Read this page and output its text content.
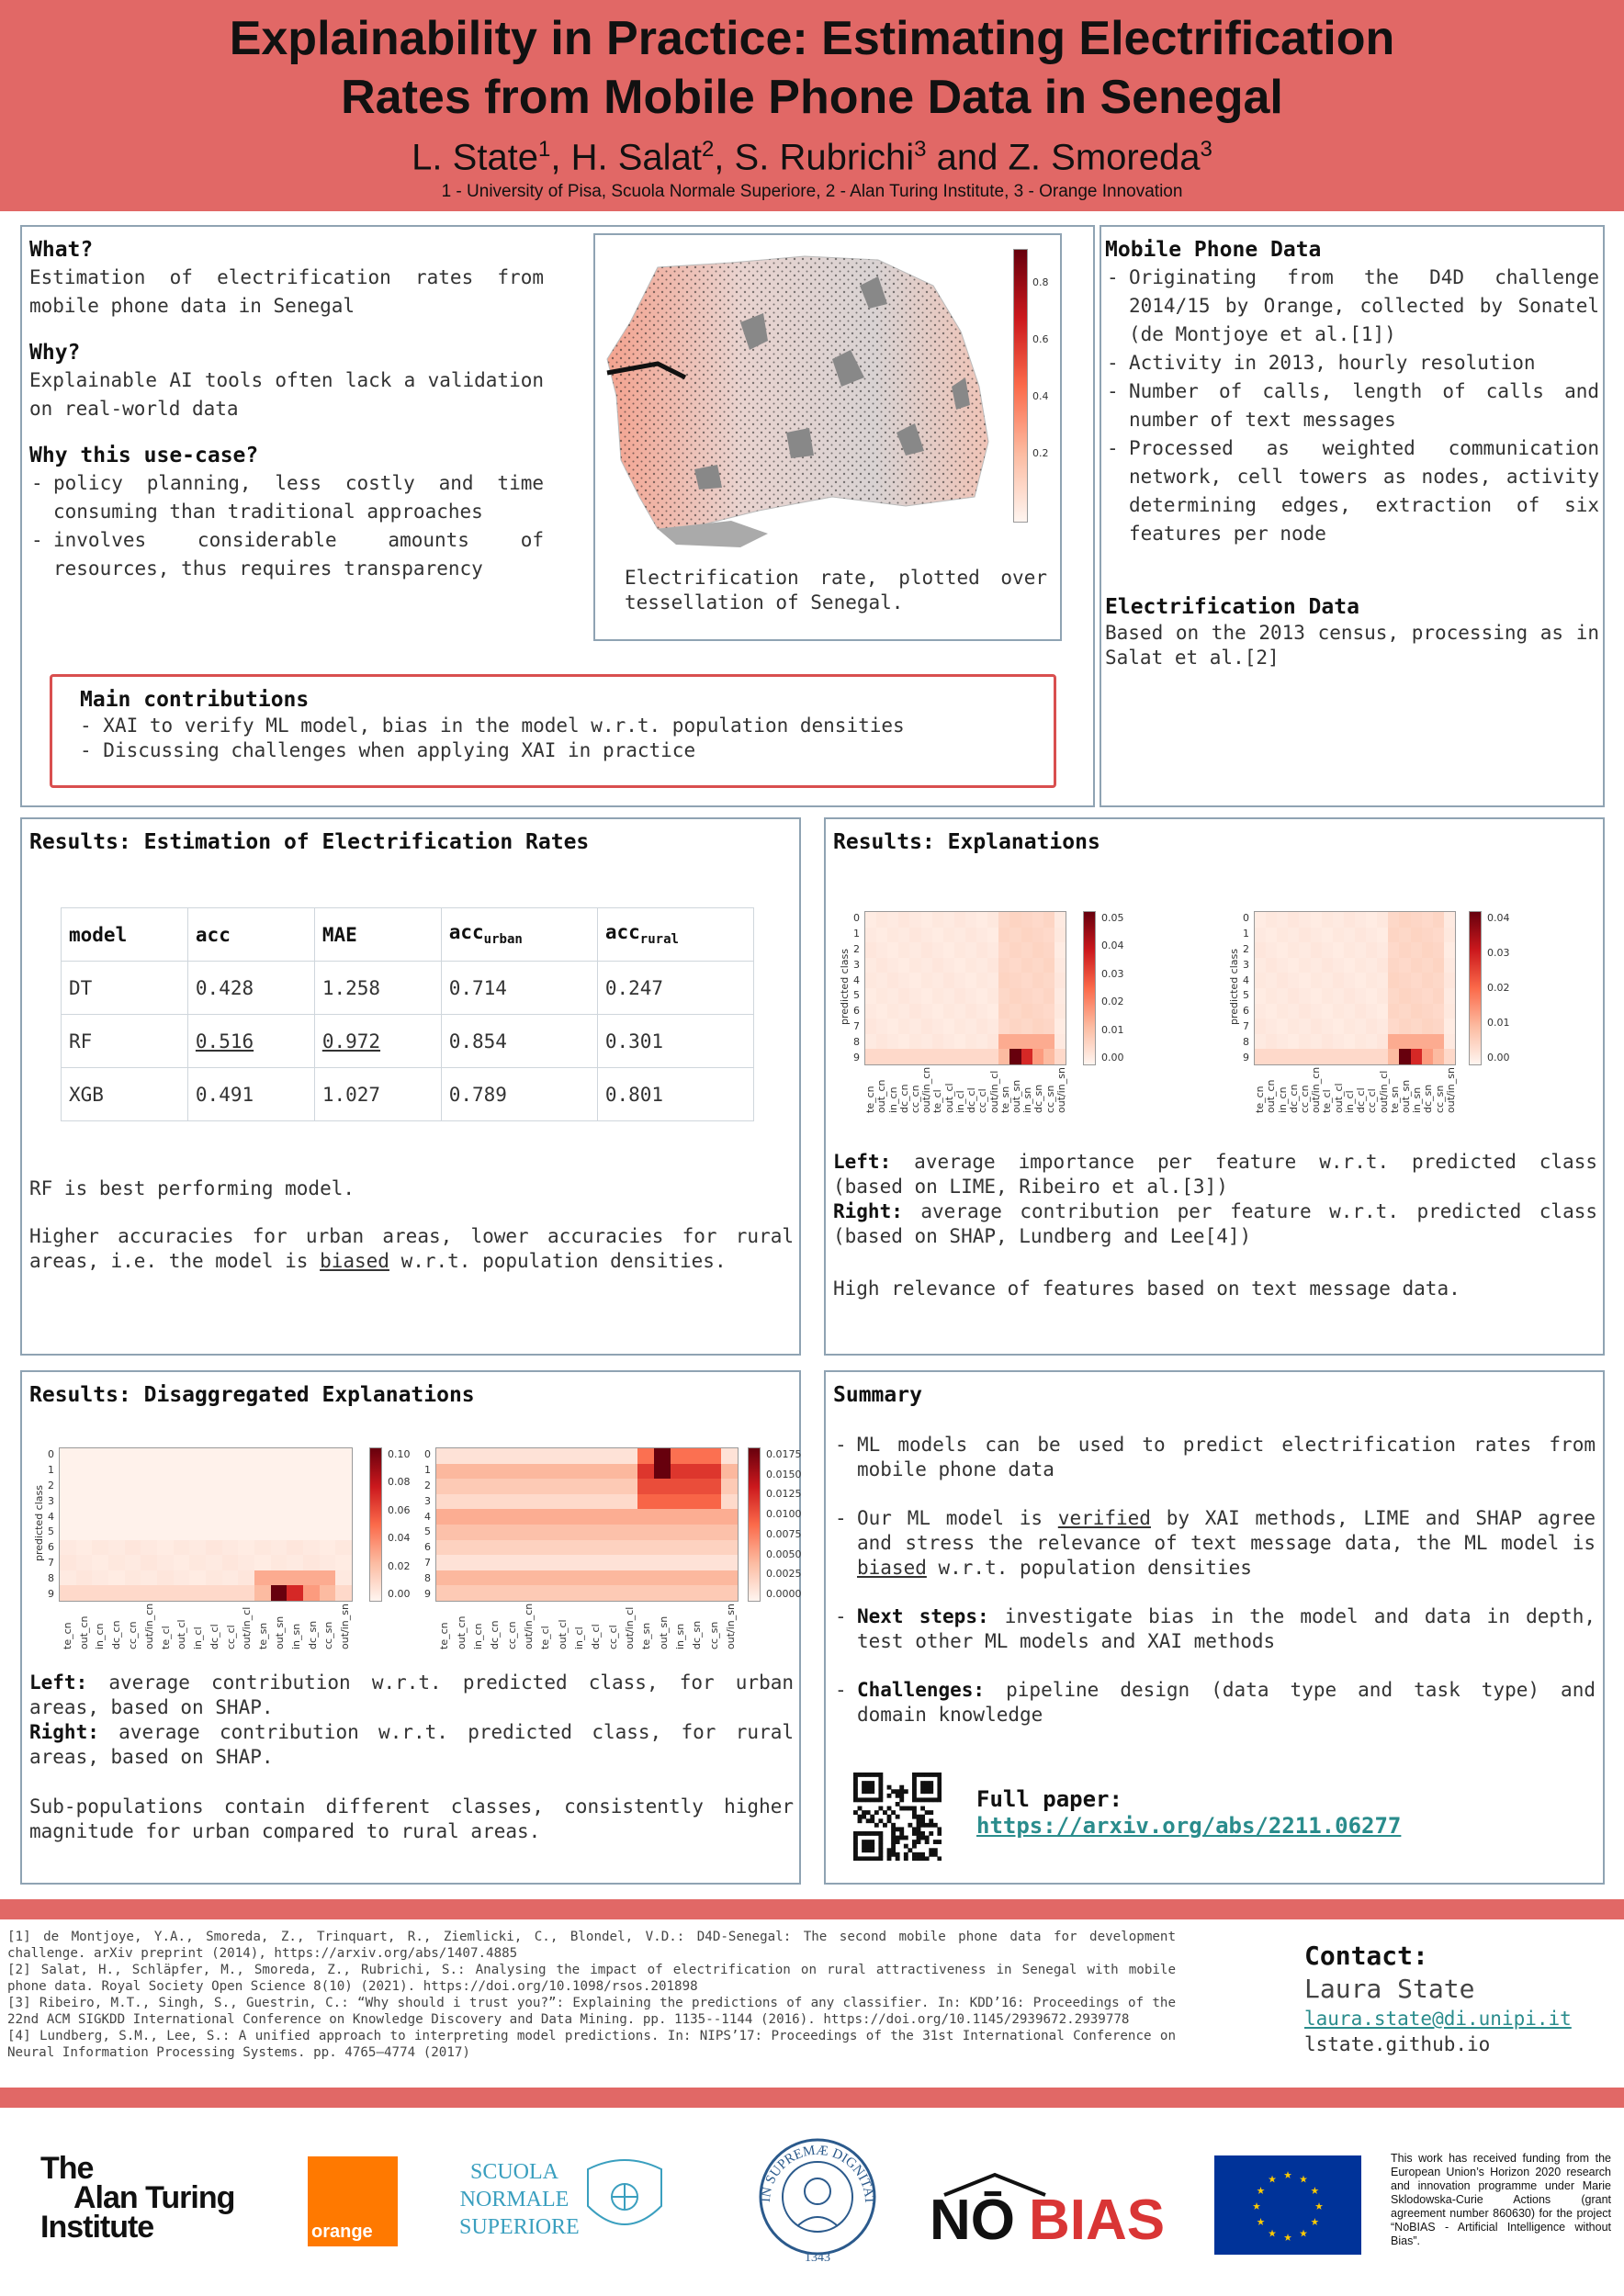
Explainability in Practice: Estimating Electrification
Rates from Mobile Phone Data in Senegal
L. State$^1$, H. Salat$^2$, S. Rubrichi$^3$ and Z. Smoreda$^3$
1 - University of Pisa, Scuola Normale Superiore, 2 - Alan Turing Institute, 3 - Orange Innovation
What?
Estimation of electrification rates from mobile phone data in Senegal
Why?
Explainable AI tools often lack a validation on real-world data
Why this use-case?
- policy planning, less costly and time consuming than traditional approaches
- involves considerable amounts of resources, thus requires transparency
0.8
0.6
0.4
0.2
Electrification rate, plotted over tessellation of Senegal.
Main contributions
- XAI to verify ML model, bias in the model w.r.t. population densities
- Discussing challenges when applying XAI in practice
Mobile Phone Data
- Originating from the D4D challenge 2014/15 by Orange, collected by Sonatel (de Montjoye et al.[1])
- Activity in 2013, hourly resolution
- Number of calls, length of calls and number of text messages
- Processed as weighted communication network, cell towers as nodes, activity determining edges, extraction of six features per node
Electrification Data
Based on the 2013 census, processing as in Salat et al.[2]
Results: Estimation of Electrification Rates
model	acc	MAE	acc$_{urban}$	acc$_{rural}$
DT	0.428	1.258	0.714	0.247
RF	0.516	0.972	0.854	0.301
XGB	0.491	1.027	0.789	0.801
RF is best performing model.
Higher accuracies for urban areas, lower accuracies for rural areas, i.e. the model is biased w.r.t. population densities.
Results: Explanations
0
1
2
3
4
5
6
7
8
9
te_cn out_cn in_cn dc_cn cc_cn out/in_cn te_cl out_cl in_cl dc_cl cc_cl out/in_cl te_sn out_sn in_sn dc_sn cc_sn out/in_sn
predicted class
0.05
0.04
0.03
0.02
0.01
0.00
0
1
2
3
4
5
6
7
8
9
te_cn out_cn in_cn dc_cn cc_cn out/in_cn te_cl out_cl in_cl dc_cl cc_cl out/in_cl te_sn out_sn in_sn dc_sn cc_sn out/in_sn
predicted class
0.04
0.03
0.02
0.01
0.00
Left: average importance per feature w.r.t. predicted class (based on LIME, Ribeiro et al.[3])
Right: average contribution per feature w.r.t. predicted class (based on SHAP, Lundberg and Lee[4])
High relevance of features based on text message data.
Results: Disaggregated Explanations
0
1
2
3
4
5
6
7
8
9
te_cn out_cn in_cn dc_cn cc_cn out/in_cn te_cl out_cl in_cl dc_cl cc_cl out/in_cl te_sn out_sn in_sn dc_sn cc_sn out/in_sn
predicted class
0.10
0.08
0.06
0.04
0.02
0.00
0
1
2
3
4
5
6
7
8
9
te_cn out_cn in_cn dc_cn cc_cn out/in_cn te_cl out_cl in_cl dc_cl cc_cl out/in_cl te_sn out_sn in_sn dc_sn cc_sn out/in_sn
0.0175
0.0150
0.0125
0.0100
0.0075
0.0050
0.0025
0.0000
Left: average contribution w.r.t. predicted class, for urban areas, based on SHAP.
Right: average contribution w.r.t. predicted class, for rural areas, based on SHAP.
Sub-populations contain different classes, consistently higher magnitude for urban compared to rural areas.
Summary
- ML models can be used to predict electrification rates from mobile phone data
- Our ML model is verified by XAI methods, LIME and SHAP agree and stress the relevance of text message data, the ML model is biased w.r.t. population densities
- Next steps: investigate bias in the model and data in depth, test other ML models and XAI methods
- Challenges: pipeline design (data type and task type) and domain knowledge
Full paper:
https://arxiv.org/abs/2211.06277
[1] de Montjoye, Y.A., Smoreda, Z., Trinquart, R., Ziemlicki, C., Blondel, V.D.: D4D-Senegal: The second mobile phone data for development challenge. arXiv preprint (2014), https://arxiv.org/abs/1407.4885
[2] Salat, H., Schläpfer, M., Smoreda, Z., Rubrichi, S.: Analysing the impact of electrification on rural attractiveness in Senegal with mobile phone data. Royal Society Open Science 8(10) (2021). https://doi.org/10.1098/rsos.201898
[3] Ribeiro, M.T., Singh, S., Guestrin, C.: “Why should i trust you?”: Explaining the predictions of any classifier. In: KDD’16: Proceedings of the 22nd ACM SIGKDD International Conference on Knowledge Discovery and Data Mining. pp. 1135--1144 (2016). https://doi.org/10.1145/2939672.2939778
[4] Lundberg, S.M., Lee, S.: A unified approach to interpreting model predictions. In: NIPS’17: Proceedings of the 31st International Conference on Neural Information Processing Systems. pp. 4765–4774 (2017)
Contact:
Laura State
laura.state@di.unipi.it
lstate.github.io
The
Alan Turing
Institute	orange
SCUOLA
NORMALE
SUPERIORE
IN SUPREMÆ DIGNITAT
1343
NŌ BIAS	★
★
★
★
★
★
★
★
★ ★ ★
★
This work has received funding from the European Union’s Horizon 2020 research and innovation programme under Marie Sklodowska-Curie Actions (grant agreement number 860630) for the project “NoBIAS - Artificial Intelligence without Bias”.
